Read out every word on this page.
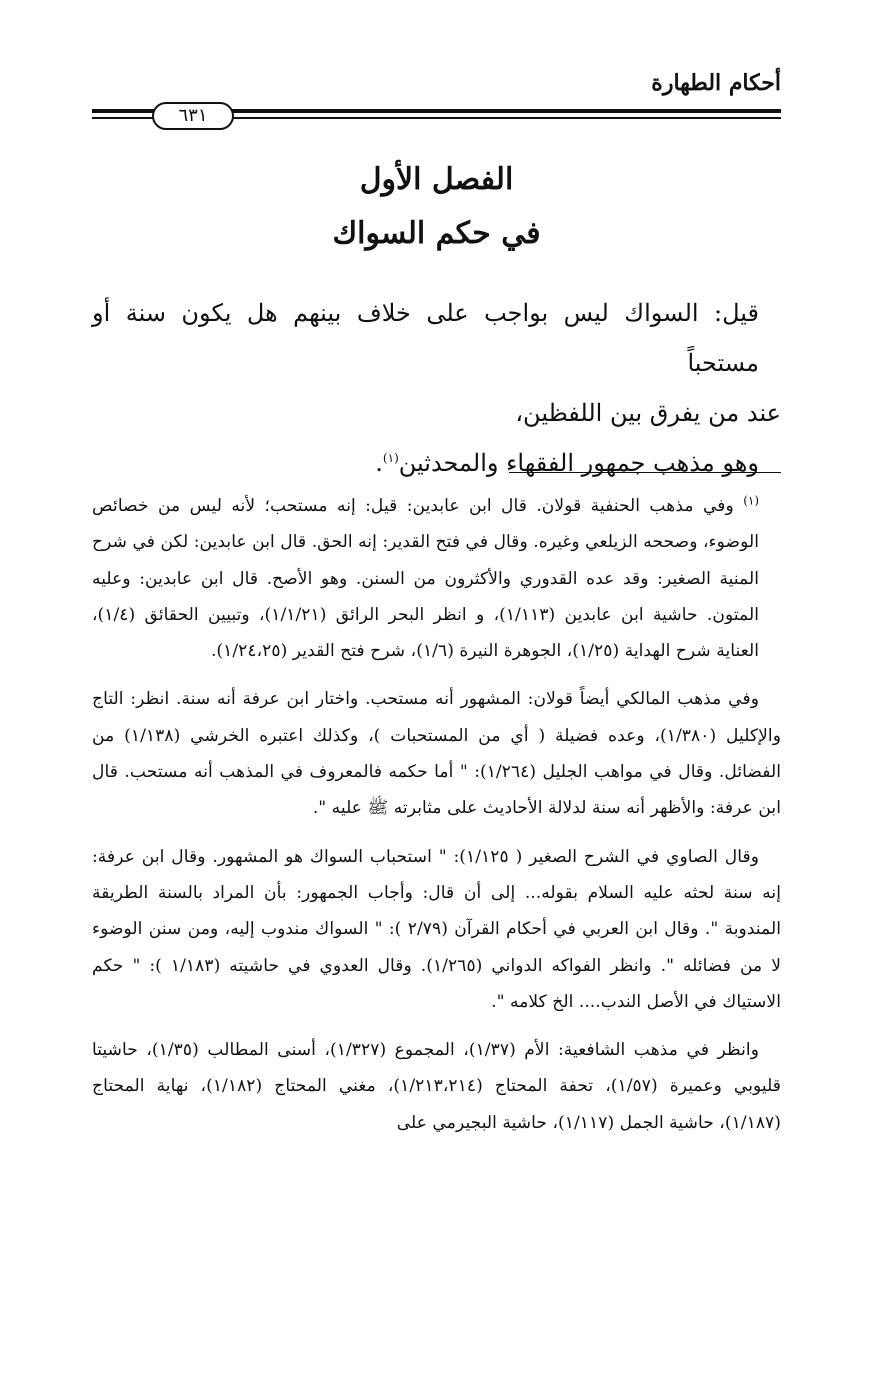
أحكام الطهارة
٦٣١
الفصل الأول
في حكم السواك

قيل: السواك ليس بواجب على خلاف بينهم هل يكون سنة أو مستحباً

عند من يفرق بين اللفظين،

وهو مذهب جمهور الفقهاء والمحدثين$^{(١)}$.

$^{(١)}$ وفي مذهب الحنفية قولان. قال ابن عابدين: قيل: إنه مستحب؛ لأنه ليس من خصائص الوضوء، وصححه الزيلعي وغيره. وقال في فتح القدير: إنه الحق. قال ابن عابدين: لكن في شرح المنية الصغير: وقد عده القدوري والأكثرون من السنن. وهو الأصح. قال ابن عابدين: وعليه المتون. حاشية ابن عابدين (١/١١٣)، و انظر البحر الرائق (١/١/٢١)، وتبيين الحقائق (١/٤)، العناية شرح الهداية (١/٢٥)، الجوهرة النيرة (١/٦)، شرح فتح القدير (١/٢٤،٢٥).

وفي مذهب المالكي أيضاً قولان: المشهور أنه مستحب. واختار ابن عرفة أنه سنة. انظر: التاج والإكليل (١/٣٨٠)، وعده فضيلة ( أي من المستحبات )، وكذلك اعتبره الخرشي (١/١٣٨) من الفضائل. وقال في مواهب الجليل (١/٢٦٤): " أما حكمه فالمعروف في المذهب أنه مستحب. قال ابن عرفة: والأظهر أنه سنة لدلالة الأحاديث على مثابرته ﷺ عليه ".

وقال الصاوي في الشرح الصغير ( ١/١٢٥): " استحباب السواك هو المشهور. وقال ابن عرفة: إنه سنة لحثه عليه السلام بقوله... إلى أن قال: وأجاب الجمهور: بأن المراد بالسنة الطريقة المندوبة ". وقال ابن العربي في أحكام القرآن (٢/٧٩ ): " السواك مندوب إليه، ومن سنن الوضوء لا من فضائله ". وانظر الفواكه الدواني (١/٢٦٥). وقال العدوي في حاشيته (١/١٨٣ ): " حكم الاستياك في الأصل الندب.... الخ كلامه ".

وانظر في مذهب الشافعية: الأم (١/٣٧)، المجموع (١/٣٢٧)، أسنى المطالب (١/٣٥)، حاشيتا قليوبي وعميرة (١/٥٧)، تحفة المحتاج (١/٢١٣،٢١٤)، مغني المحتاج (١/١٨٢)، نهاية المحتاج (١/١٨٧)، حاشية الجمل (١/١١٧)، حاشية البجيرمي على
